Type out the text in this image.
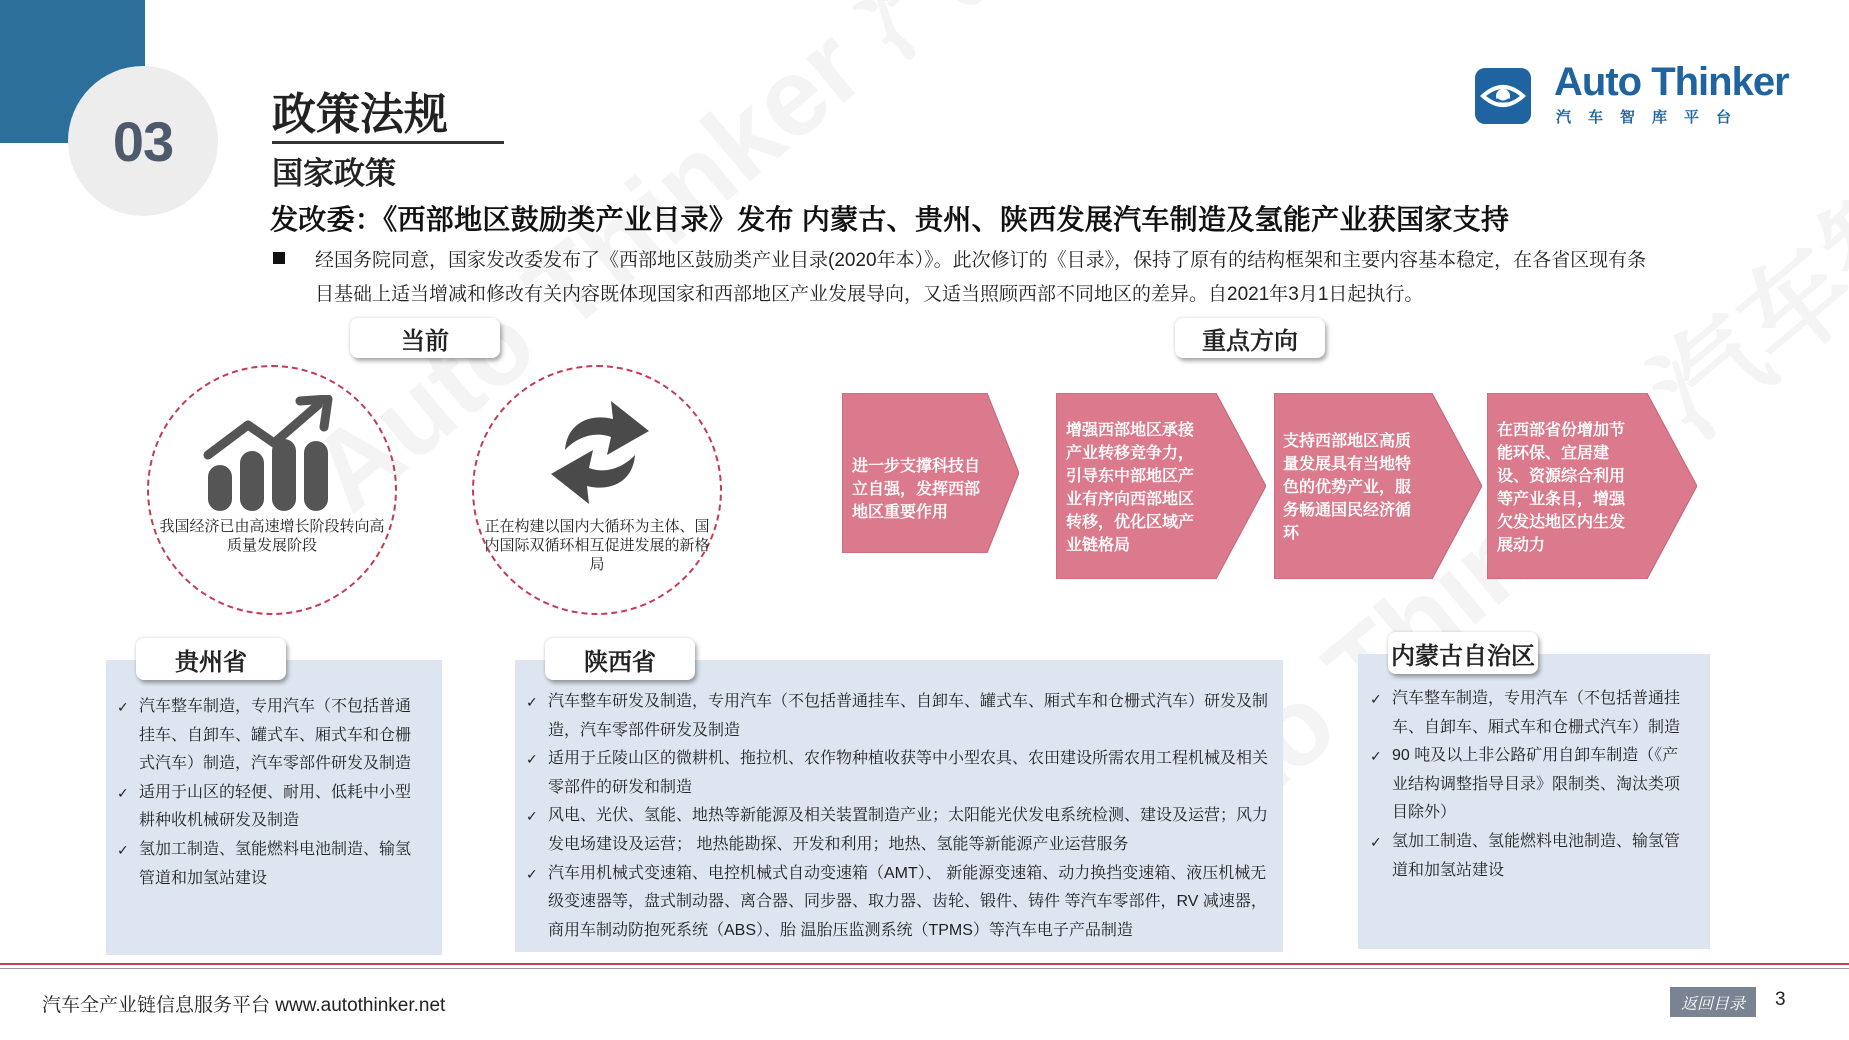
03 政策法规
国家政策
发改委：《西部地区鼓励类产业目录》发布 内蒙古、贵州、陕西发展汽车制造及氢能产业获国家支持
经国务院同意，国家发改委发布了《西部地区鼓励类产业目录(2020年本）》。此次修订的《目录》，保持了原有的结构框架和主要内容基本稳定，在各省区现有条目基础上适当增减和修改有关内容既体现国家和西部地区产业发展导向，又适当照顾西部不同地区的差异。自2021年3月1日起执行。
Auto Thinker
汽车智库平台
当前
我国经济已由高速增长阶段转向高质量发展阶段
正在构建以国内大循环为主体、国内国际双循环相互促进发展的新格局
重点方向
进一步支撑科技自立自强，发挥西部地区重要作用
增强西部地区承接产业转移竞争力，引导东中部地区产业有序向西部地区转移，优化区域产业链格局
支持西部地区高质量发展具有当地特色的优势产业，服务畅通国民经济循环
在西部省份增加节能环保、宜居建设、资源综合利用等产业条目，增强欠发达地区内生发展动力
贵州省
✓ 汽车整车制造，专用汽车（不包括普通挂车、自卸车、罐式车、厢式车和仓栅式汽车）制造，汽车零部件研发及制造
✓ 适用于山区的轻便、耐用、低耗中小型耕种收机械研发及制造
✓ 氢加工制造、氢能燃料电池制造、输氢管道和加氢站建设
陕西省
✓ 汽车整车研发及制造，专用汽车（不包括普通挂车、自卸车、罐式车、厢式车和仓栅式汽车）研发及制造，汽车零部件研发及制造
✓ 适用于丘陵山区的微耕机、拖拉机、农作物种植收获等中小型农具、农田建设所需农用工程机械及相关零部件的研发和制造
✓ 风电、光伏、氢能、地热等新能源及相关装置制造产业；太阳能光伏发电系统检测、建设及运营；风力发电场建设及运营； 地热能勘探、开发和利用；地热、氢能等新能源产业运营服务
✓ 汽车用机械式变速箱、电控机械式自动变速箱（AMT）、 新能源变速箱、动力换挡变速箱、液压机械无级变速器等，盘式制动器、离合器、同步器、取力器、齿轮、锻件、铸件 等汽车零部件，RV 减速器，商用车制动防抱死系统（ABS）、胎 温胎压监测系统（TPMS）等汽车电子产品制造
内蒙古自治区
✓ 汽车整车制造，专用汽车（不包括普通挂车、自卸车、厢式车和仓栅式汽车）制造
✓ 90 吨及以上非公路矿用自卸车制造（《产业结构调整指导目录》限制类、淘汰类项目除外）
✓ 氢加工制造、氢能燃料电池制造、输氢管道和加氢站建设
汽车全产业链信息服务平台 www.autothinker.net	返回目录	3
